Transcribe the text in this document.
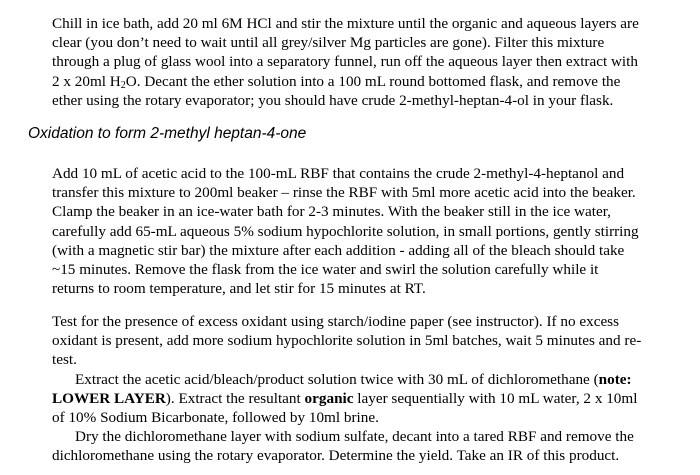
Chill in ice bath, add 20 ml 6M HCl and stir the mixture until the organic and aqueous layers are
clear (you don’t need to wait until all grey/silver Mg particles are gone). Filter this mixture
through a plug of glass wool into a separatory funnel, run off the aqueous layer then extract with
2 x 20ml $H_2O$. Decant the ether solution into a 100 mL round bottomed flask, and remove the
ether using the rotary evaporator; you should have crude 2-methyl-heptan-4-ol in your flask.
Oxidation to form 2-methyl heptan-4-one
Add 10 mL of acetic acid to the 100-mL RBF that contains the crude 2-methyl-4-heptanol and
transfer this mixture to 200ml beaker – rinse the RBF with 5ml more acetic acid into the beaker.
Clamp the beaker in an ice-water bath for 2-3 minutes. With the beaker still in the ice water,
carefully add 65-mL aqueous 5% sodium hypochlorite solution, in small portions, gently stirring
(with a magnetic stir bar) the mixture after each addition - adding all of the bleach should take
~15 minutes. Remove the flask from the ice water and swirl the solution carefully while it
returns to room temperature, and let stir for 15 minutes at RT.
Test for the presence of excess oxidant using starch/iodine paper (see instructor). If no excess
oxidant is present, add more sodium hypochlorite solution in 5ml batches, wait 5 minutes and re-
test.
Extract the acetic acid/bleach/product solution twice with 30 mL of dichloromethane (note:
LOWER LAYER). Extract the resultant organic layer sequentially with 10 mL water, 2 x 10ml
of 10% Sodium Bicarbonate, followed by 10ml brine.
Dry the dichloromethane layer with sodium sulfate, decant into a tared RBF and remove the
dichloromethane using the rotary evaporator. Determine the yield. Take an IR of this product.
